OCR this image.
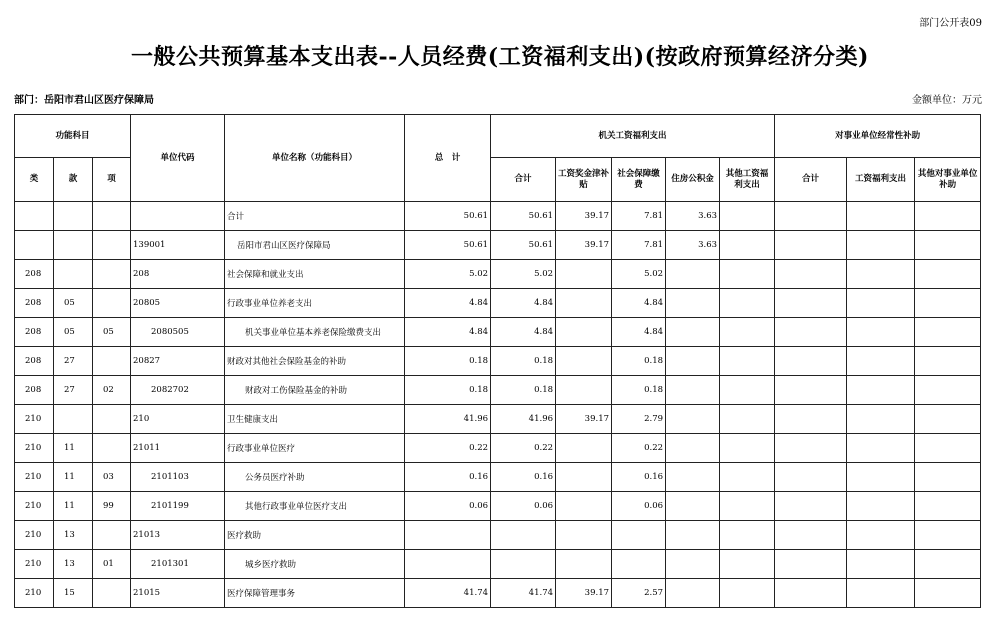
部门公开表09
一般公共预算基本支出表--人员经费(工资福利支出)(按政府预算经济分类)
部门：岳阳市君山区医疗保障局	金额单位：万元
功能科目			单位代码	单位名称（功能科目）	总　计	机关工资福利支出					对事业单位经常性补助		
类	款	项				合计	工资奖金津补贴	社会保障缴费	住房公积金	其他工资福利支出	合计	工资福利支出	其他对事业单位补助
				合计	50.61	50.61	39.17	7.81	3.63				
			139001	岳阳市君山区医疗保障局	50.61	50.61	39.17	7.81	3.63				
208			208	社会保障和就业支出	5.02	5.02		5.02					
208	05		20805	行政事业单位养老支出	4.84	4.84		4.84					
208	05	05	2080505	机关事业单位基本养老保险缴费支出	4.84	4.84		4.84					
208	27		20827	财政对其他社会保险基金的补助	0.18	0.18		0.18					
208	27	02	2082702	财政对工伤保险基金的补助	0.18	0.18		0.18					
210			210	卫生健康支出	41.96	41.96	39.17	2.79					
210	11		21011	行政事业单位医疗	0.22	0.22		0.22					
210	11	03	2101103	公务员医疗补助	0.16	0.16		0.16					
210	11	99	2101199	其他行政事业单位医疗支出	0.06	0.06		0.06					
210	13		21013	医疗救助									
210	13	01	2101301	城乡医疗救助									
210	15		21015	医疗保障管理事务	41.74	41.74	39.17	2.57					
